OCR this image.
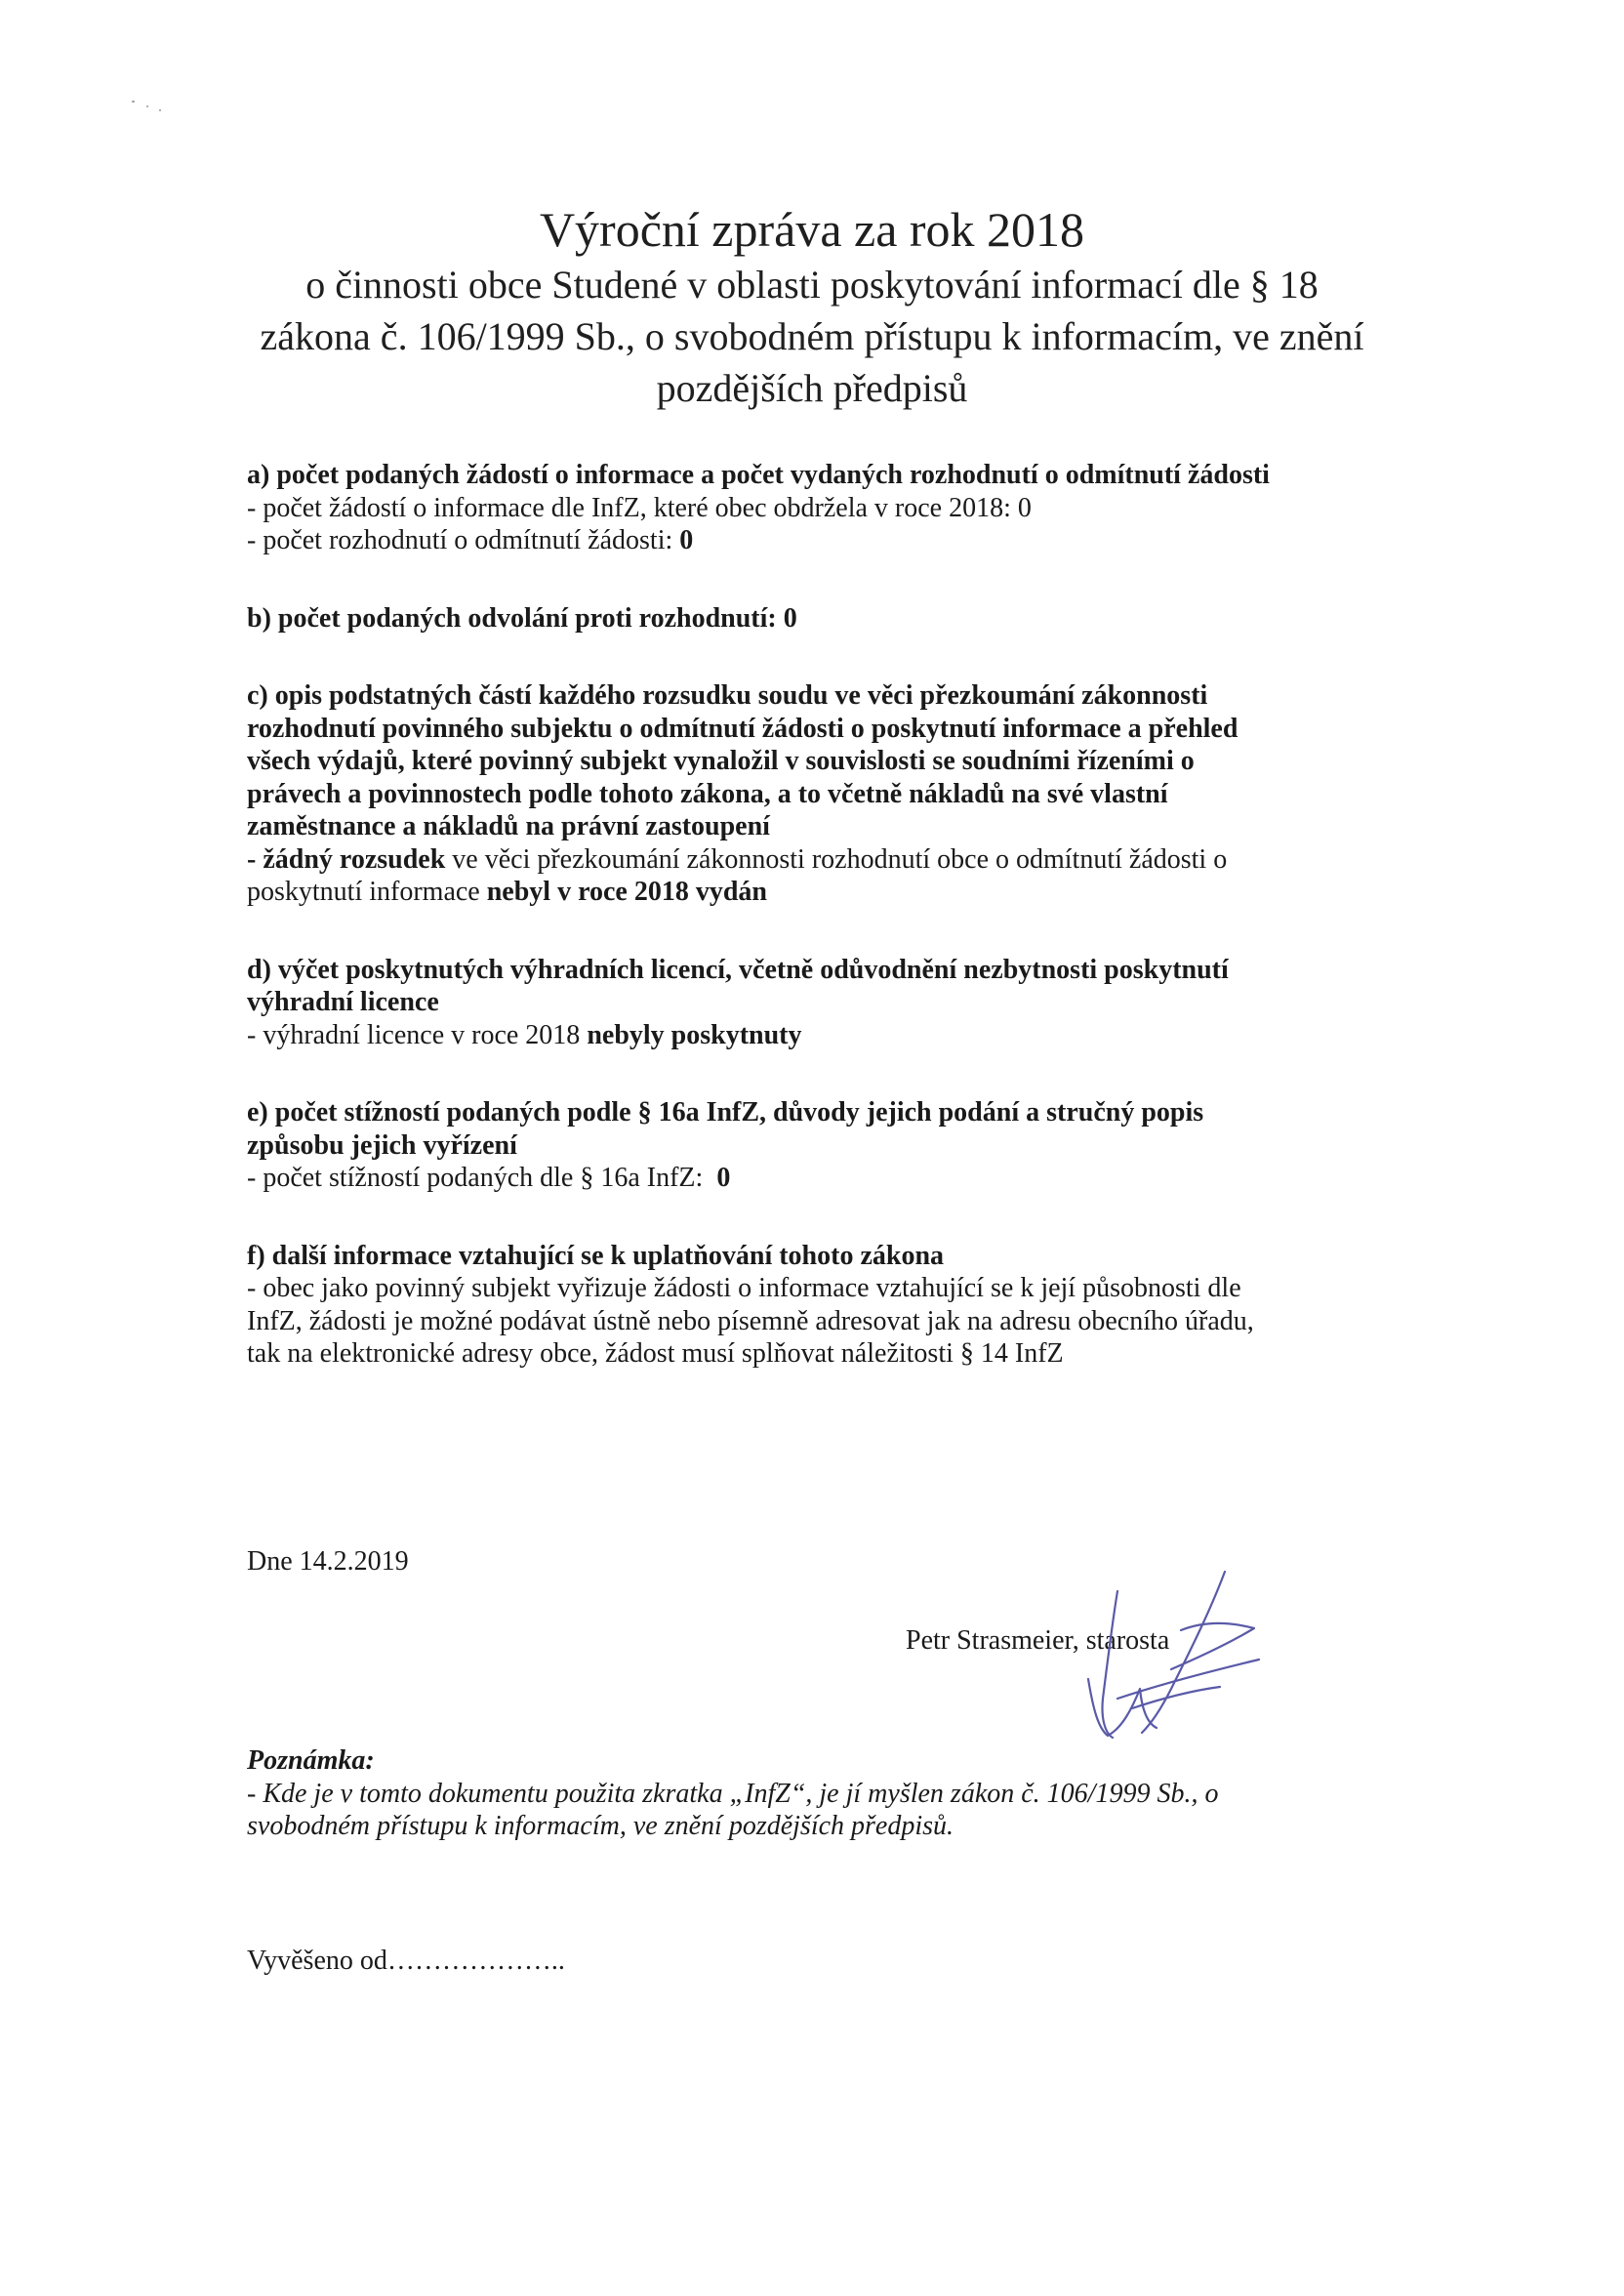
Výroční zpráva za rok 2018
o činnosti obce Studené v oblasti poskytování informací dle § 18
zákona č. 106/1999 Sb., o svobodném přístupu k informacím, ve znění
pozdějších předpisů
a) počet podaných žádostí o informace a počet vydaných rozhodnutí o odmítnutí žádosti
- počet žádostí o informace dle InfZ, které obec obdržela v roce 2018: 0
- počet rozhodnutí o odmítnutí žádosti: 0
b) počet podaných odvolání proti rozhodnutí: 0
c) opis podstatných částí každého rozsudku soudu ve věci přezkoumání zákonnosti
rozhodnutí povinného subjektu o odmítnutí žádosti o poskytnutí informace a přehled
všech výdajů, které povinný subjekt vynaložil v souvislosti se soudními řízeními o
právech a povinnostech podle tohoto zákona, a to včetně nákladů na své vlastní
zaměstnance a nákladů na právní zastoupení
- žádný rozsudek ve věci přezkoumání zákonnosti rozhodnutí obce o odmítnutí žádosti o
poskytnutí informace nebyl v roce 2018 vydán
d) výčet poskytnutých výhradních licencí, včetně odůvodnění nezbytnosti poskytnutí
výhradní licence
- výhradní licence v roce 2018 nebyly poskytnuty
e) počet stížností podaných podle § 16a InfZ, důvody jejich podání a stručný popis
způsobu jejich vyřízení
- počet stížností podaných dle § 16a InfZ:  0
f) další informace vztahující se k uplatňování tohoto zákona
- obec jako povinný subjekt vyřizuje žádosti o informace vztahující se k její působnosti dle
InfZ, žádosti je možné podávat ústně nebo písemně adresovat jak na adresu obecního úřadu,
tak na elektronické adresy obce, žádost musí splňovat náležitosti § 14 InfZ
Dne 14.2.2019
Petr Strasmeier, starosta
Poznámka:
- Kde je v tomto dokumentu použita zkratka „InfZ“, je jí myšlen zákon č. 106/1999 Sb., o
svobodném přístupu k informacím, ve znění pozdějších předpisů.
Vyvěšeno od………………..
